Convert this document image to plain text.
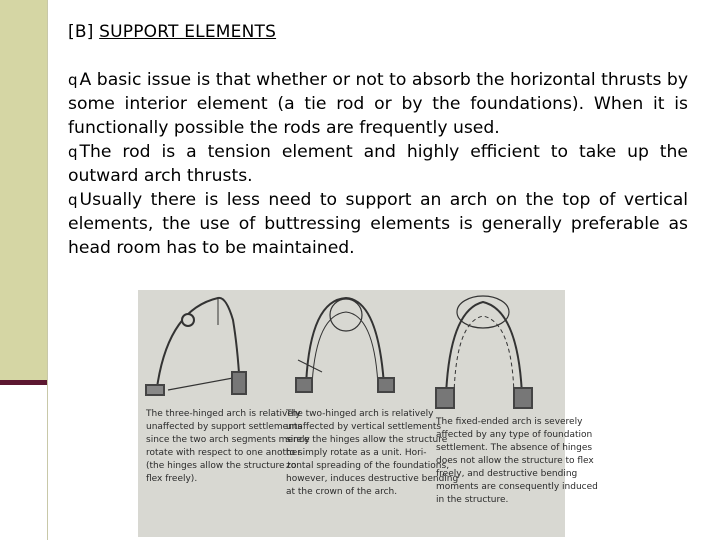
[B] SUPPORT ELEMENTS
q A basic issue is that whether or not to absorb the horizontal thrusts by some interior element (a tie rod or by the foundations). When it is functionally possible the rods are frequently used.
q The rod is a tension element and highly efficient to take up the outward arch thrusts.
q Usually there is less need to support an arch on the top of vertical elements, the use of buttressing elements is generally preferable as head room has to be maintained.
The three-hinged arch is relatively
unaffected by support settlements
since the two arch segments merely
rotate with respect to one another
(the hinges allow the structure to
flex freely).
The two-hinged arch is relatively
unaffected by vertical settlements
since the hinges allow the structure
to simply rotate as a unit. Hori-
zontal spreading of the foundations,
however, induces destructive bending
at the crown of the arch.
The fixed-ended arch is severely
affected by any type of foundation
settlement. The absence of hinges
does not allow the structure to flex
freely, and destructive bending
moments are consequently induced
in the structure.
